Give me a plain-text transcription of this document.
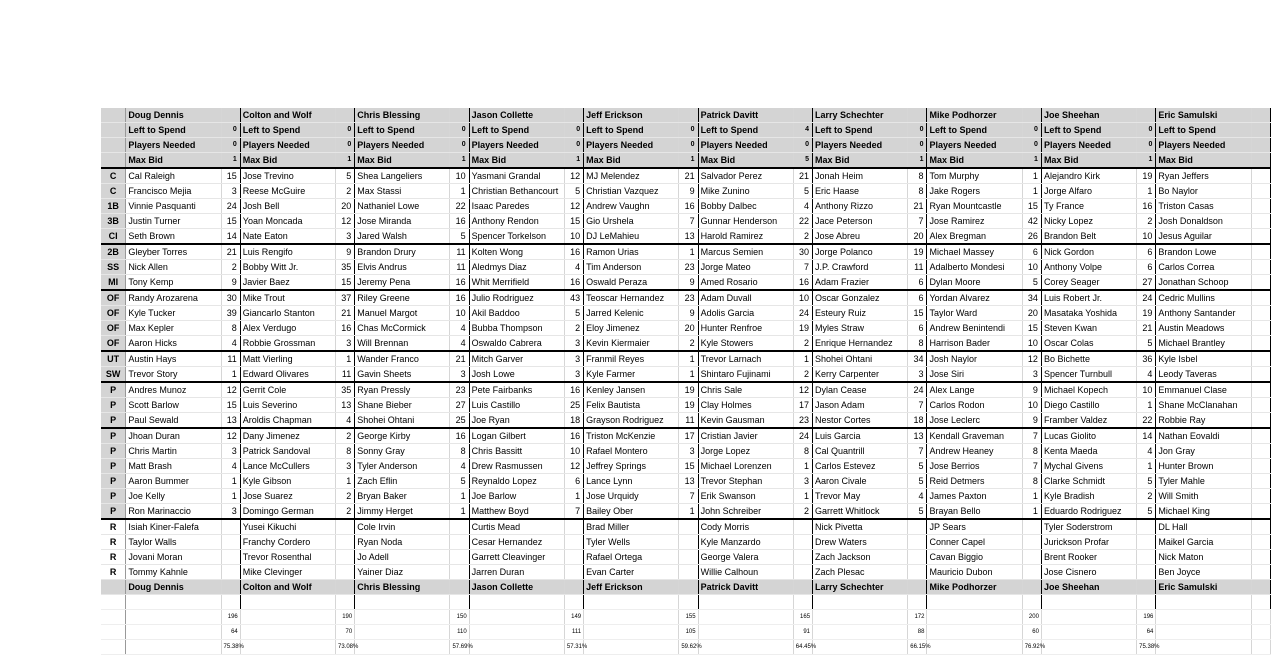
	Doug Dennis		Colton and Wolf		Chris Blessing		Jason Collette		Jeff Erickson		Patrick Davitt		Larry Schechter		Mike Podhorzer		Joe Sheehan		Eric Samulski	
	Left to Spend	0	Left to Spend	0	Left to Spend	0	Left to Spend	0	Left to Spend	0	Left to Spend	4	Left to Spend	0	Left to Spend	0	Left to Spend	0	Left to Spend	
	Players Needed	0	Players Needed	0	Players Needed	0	Players Needed	0	Players Needed	0	Players Needed	0	Players Needed	0	Players Needed	0	Players Needed	0	Players Needed	
	Max Bid	1	Max Bid	1	Max Bid	1	Max Bid	1	Max Bid	1	Max Bid	5	Max Bid	1	Max Bid	1	Max Bid	1	Max Bid	
C	Cal Raleigh	15	Jose Trevino	5	Shea Langeliers	10	Yasmani Grandal	12	MJ Melendez	21	Salvador Perez	21	Jonah Heim	8	Tom Murphy	1	Alejandro Kirk	19	Ryan Jeffers	
C	Francisco Mejia	3	Reese McGuire	2	Max Stassi	1	Christian Bethancourt	5	Christian Vazquez	9	Mike Zunino	5	Eric Haase	8	Jake Rogers	1	Jorge Alfaro	1	Bo Naylor	
1B	Vinnie Pasquanti	24	Josh Bell	20	Nathaniel Lowe	22	Isaac Paredes	12	Andrew Vaughn	16	Bobby Dalbec	4	Anthony Rizzo	21	Ryan Mountcastle	15	Ty France	16	Triston Casas	
3B	Justin Turner	15	Yoan Moncada	12	Jose Miranda	16	Anthony Rendon	15	Gio Urshela	7	Gunnar Henderson	22	Jace Peterson	7	Jose Ramirez	42	Nicky Lopez	2	Josh Donaldson	
CI	Seth Brown	14	Nate Eaton	3	Jared Walsh	5	Spencer Torkelson	10	DJ LeMahieu	13	Harold Ramirez	2	Jose Abreu	20	Alex Bregman	26	Brandon Belt	10	Jesus Aguilar	
2B	Gleyber Torres	21	Luis Rengifo	9	Brandon Drury	11	Kolten Wong	16	Ramon Urias	1	Marcus Semien	30	Jorge Polanco	19	Michael Massey	6	Nick Gordon	6	Brandon Lowe	
SS	Nick Allen	2	Bobby Witt Jr.	35	Elvis Andrus	11	Aledmys Diaz	4	Tim Anderson	23	Jorge Mateo	7	J.P. Crawford	11	Adalberto Mondesi	10	Anthony Volpe	6	Carlos Correa	
MI	Tony Kemp	9	Javier Baez	15	Jeremy Pena	16	Whit Merrifield	16	Oswald Peraza	9	Amed Rosario	16	Adam Frazier	6	Dylan Moore	5	Corey Seager	27	Jonathan Schoop	
OF	Randy Arozarena	30	Mike Trout	37	Riley Greene	16	Julio Rodriguez	43	Teoscar Hernandez	23	Adam Duvall	10	Oscar Gonzalez	6	Yordan Alvarez	34	Luis Robert Jr.	24	Cedric Mullins	
OF	Kyle Tucker	39	Giancarlo Stanton	21	Manuel Margot	10	Akil Baddoo	5	Jarred Kelenic	9	Adolis Garcia	24	Esteury Ruiz	15	Taylor Ward	20	Masataka Yoshida	19	Anthony Santander	
OF	Max Kepler	8	Alex Verdugo	16	Chas McCormick	4	Bubba Thompson	2	Eloy Jimenez	20	Hunter Renfroe	19	Myles Straw	6	Andrew Benintendi	15	Steven Kwan	21	Austin Meadows	
OF	Aaron Hicks	4	Robbie Grossman	3	Will Brennan	4	Oswaldo Cabrera	3	Kevin Kiermaier	2	Kyle Stowers	2	Enrique Hernandez	8	Harrison Bader	10	Oscar Colas	5	Michael Brantley	
UT	Austin Hays	11	Matt Vierling	1	Wander Franco	21	Mitch Garver	3	Franmil Reyes	1	Trevor Larnach	1	Shohei Ohtani	34	Josh Naylor	12	Bo Bichette	36	Kyle Isbel	
SW	Trevor Story	1	Edward Olivares	11	Gavin Sheets	3	Josh Lowe	3	Kyle Farmer	1	Shintaro Fujinami	2	Kerry Carpenter	3	Jose Siri	3	Spencer Turnbull	4	Leody Taveras	
P	Andres Munoz	12	Gerrit Cole	35	Ryan Pressly	23	Pete Fairbanks	16	Kenley Jansen	19	Chris Sale	12	Dylan Cease	24	Alex Lange	9	Michael Kopech	10	Emmanuel Clase	
P	Scott Barlow	15	Luis Severino	13	Shane Bieber	27	Luis Castillo	25	Felix Bautista	19	Clay Holmes	17	Jason Adam	7	Carlos Rodon	10	Diego Castillo	1	Shane McClanahan	
P	Paul Sewald	13	Aroldis Chapman	4	Shohei Ohtani	25	Joe Ryan	18	Grayson Rodriguez	11	Kevin Gausman	23	Nestor Cortes	18	Jose Leclerc	9	Framber Valdez	22	Robbie Ray	
P	Jhoan Duran	12	Dany Jimenez	2	George Kirby	16	Logan Gilbert	16	Triston McKenzie	17	Cristian Javier	24	Luis Garcia	13	Kendall Graveman	7	Lucas Giolito	14	Nathan Eovaldi	
P	Chris Martin	3	Patrick Sandoval	8	Sonny Gray	8	Chris Bassitt	10	Rafael Montero	3	Jorge Lopez	8	Cal Quantrill	7	Andrew Heaney	8	Kenta Maeda	4	Jon Gray	
P	Matt Brash	4	Lance McCullers	3	Tyler Anderson	4	Drew Rasmussen	12	Jeffrey Springs	15	Michael Lorenzen	1	Carlos Estevez	5	Jose Berrios	7	Mychal Givens	1	Hunter Brown	
P	Aaron Bummer	1	Kyle Gibson	1	Zach Eflin	5	Reynaldo Lopez	6	Lance Lynn	13	Trevor Stephan	3	Aaron Civale	5	Reid Detmers	8	Clarke Schmidt	5	Tyler Mahle	
P	Joe Kelly	1	Jose Suarez	2	Bryan Baker	1	Joe Barlow	1	Jose Urquidy	7	Erik Swanson	1	Trevor May	4	James Paxton	1	Kyle Bradish	2	Will Smith	
P	Ron Marinaccio	3	Domingo German	2	Jimmy Herget	1	Matthew Boyd	7	Bailey Ober	1	John Schreiber	2	Garrett Whitlock	5	Brayan Bello	1	Eduardo Rodriguez	5	Michael King	
R	Isiah Kiner-Falefa		Yusei Kikuchi		Cole Irvin		Curtis Mead		Brad Miller		Cody Morris		Nick Pivetta		JP Sears		Tyler Soderstrom		DL Hall	
R	Taylor Walls		Franchy Cordero		Ryan Noda		Cesar Hernandez		Tyler Wells		Kyle Manzardo		Drew Waters		Conner Capel		Jurickson Profar		Maikel Garcia	
R	Jovani Moran		Trevor Rosenthal		Jo Adell		Garrett Cleavinger		Rafael Ortega		George Valera		Zach Jackson		Cavan Biggio		Brent Rooker		Nick Maton	
R	Tommy Kahnle		Mike Clevinger		Yainer Diaz		Jarren Duran		Evan Carter		Willie Calhoun		Zach Plesac		Mauricio Dubon		Jose Cisnero		Ben Joyce	
	Doug Dennis		Colton and Wolf		Chris Blessing		Jason Collette		Jeff Erickson		Patrick Davitt		Larry Schechter		Mike Podhorzer		Joe Sheehan		Eric Samulski	

		196		190		150		149		155		165		172		200		196		
		64		70		110		111		105		91		88		60		64		
		75.38%		73.08%		57.69%		57.31%		59.62%		64.45%		66.15%		76.92%		75.38%		
